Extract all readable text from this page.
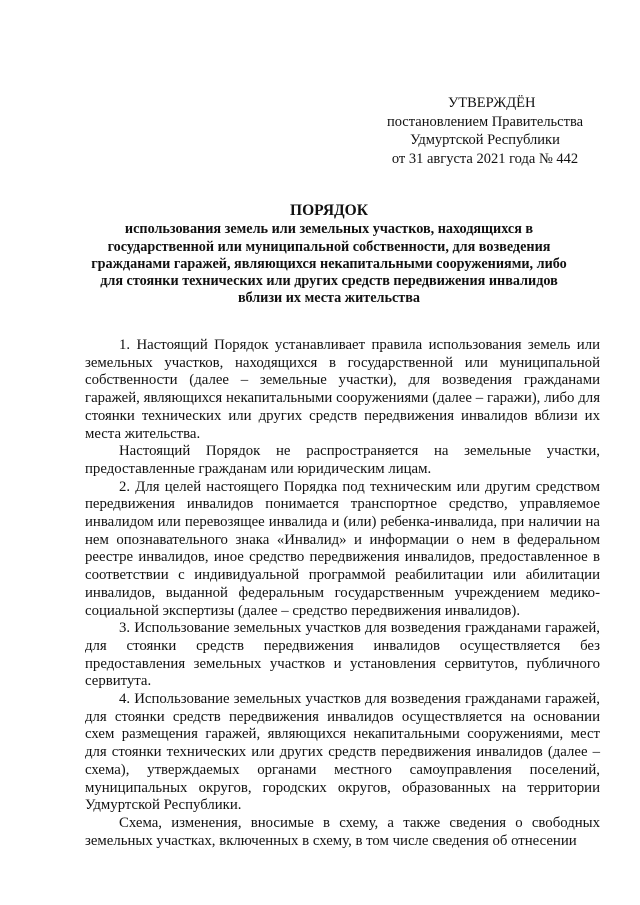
УТВЕРЖДЁН
постановлением Правительства
Удмуртской Республики
от 31 августа 2021 года № 442
ПОРЯДОК
использования земель или земельных участков, находящихся в государственной или муниципальной собственности, для возведения гражданами гаражей, являющихся некапитальными сооружениями, либо для стоянки технических или других средств передвижения инвалидов вблизи их места жительства

1. Настоящий Порядок устанавливает правила использования земель или земельных участков, находящихся в государственной или муниципальной собственности (далее – земельные участки), для возведения гражданами гаражей, являющихся некапитальными сооружениями (далее – гаражи), либо для стоянки технических или других средств передвижения инвалидов вблизи их места жительства.

Настоящий Порядок не распространяется на земельные участки, предоставленные гражданам или юридическим лицам.

2. Для целей настоящего Порядка под техническим или другим средством передвижения инвалидов понимается транспортное средство, управляемое инвалидом или перевозящее инвалида и (или) ребенка-инвалида, при наличии на нем опознавательного знака «Инвалид» и информации о нем в федеральном реестре инвалидов, иное средство передвижения инвалидов, предоставленное в соответствии с индивидуальной программой реабилитации или абилитации инвалидов, выданной федеральным государственным учреждением медико-социальной экспертизы (далее – средство передвижения инвалидов).

3. Использование земельных участков для возведения гражданами гаражей, для стоянки средств передвижения инвалидов осуществляется без предоставления земельных участков и установления сервитутов, публичного сервитута.

4. Использование земельных участков для возведения гражданами гаражей, для стоянки средств передвижения инвалидов осуществляется на основании схем размещения гаражей, являющихся некапитальными сооружениями, мест для стоянки технических или других средств передвижения инвалидов (далее – схема), утверждаемых органами местного самоуправления поселений, муниципальных округов, городских округов, образованных на территории Удмуртской Республики.

Схема, изменения, вносимые в схему, а также сведения о свободных земельных участках, включенных в схему, в том числе сведения об отнесении
